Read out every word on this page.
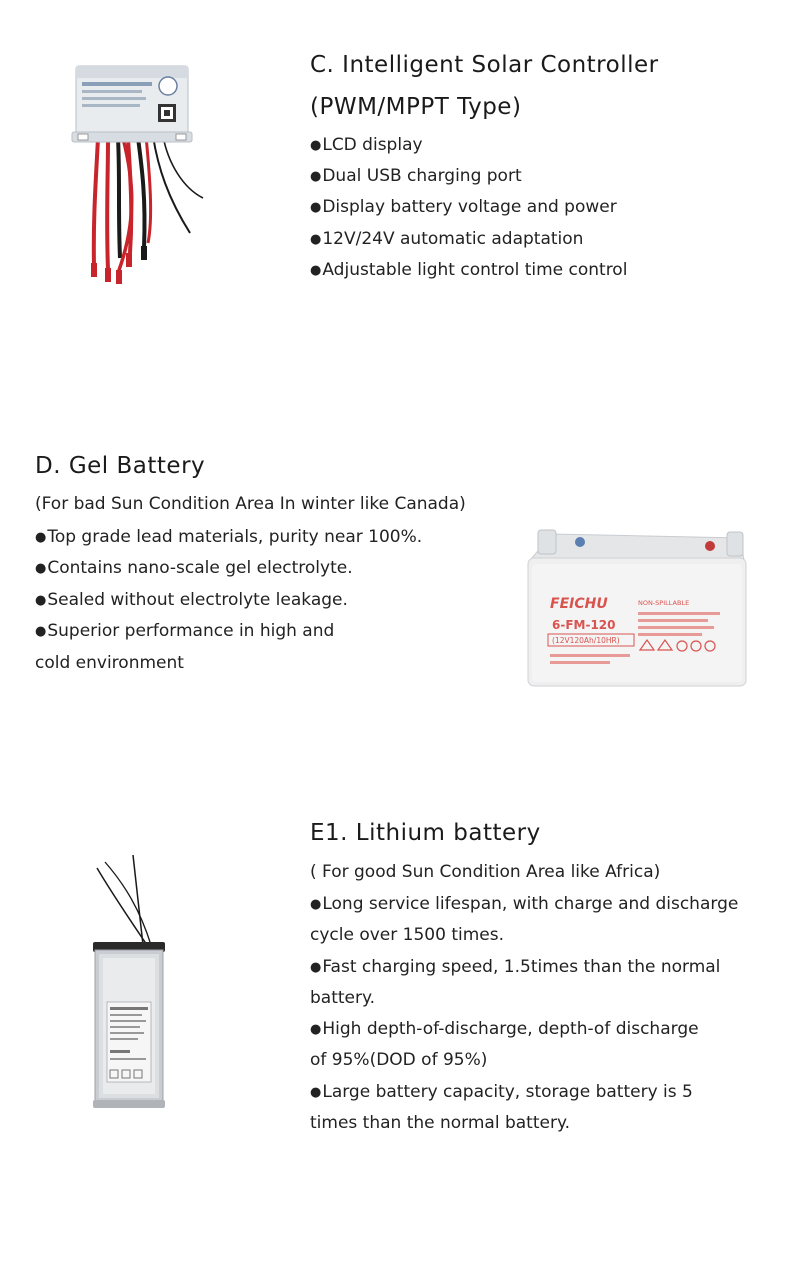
C. Intelligent Solar Controller
(PWM/MPPT Type)
● LCD display
● Dual USB charging port
● Display battery voltage and power
● 12V/24V automatic adaptation
● Adjustable light control time control
D. Gel Battery
(For bad Sun Condition Area In winter like Canada)
● Top grade lead materials, purity near 100%.
● Contains nano-scale gel electrolyte.
● Sealed without electrolyte leakage.
● Superior performance in high and
cold environment
FEICHU
6-FM-120
(12V120Ah/10HR)
NON-SPILLABLE
E1. Lithium battery
( For good Sun Condition Area like Africa)
● Long service lifespan, with charge and discharge
cycle over 1500 times.
● Fast charging speed, 1.5times than the normal
battery.
● High depth-of-discharge, depth-of discharge
of 95%(DOD of 95%)
● Large battery capacity, storage battery is 5
times than the normal battery.
